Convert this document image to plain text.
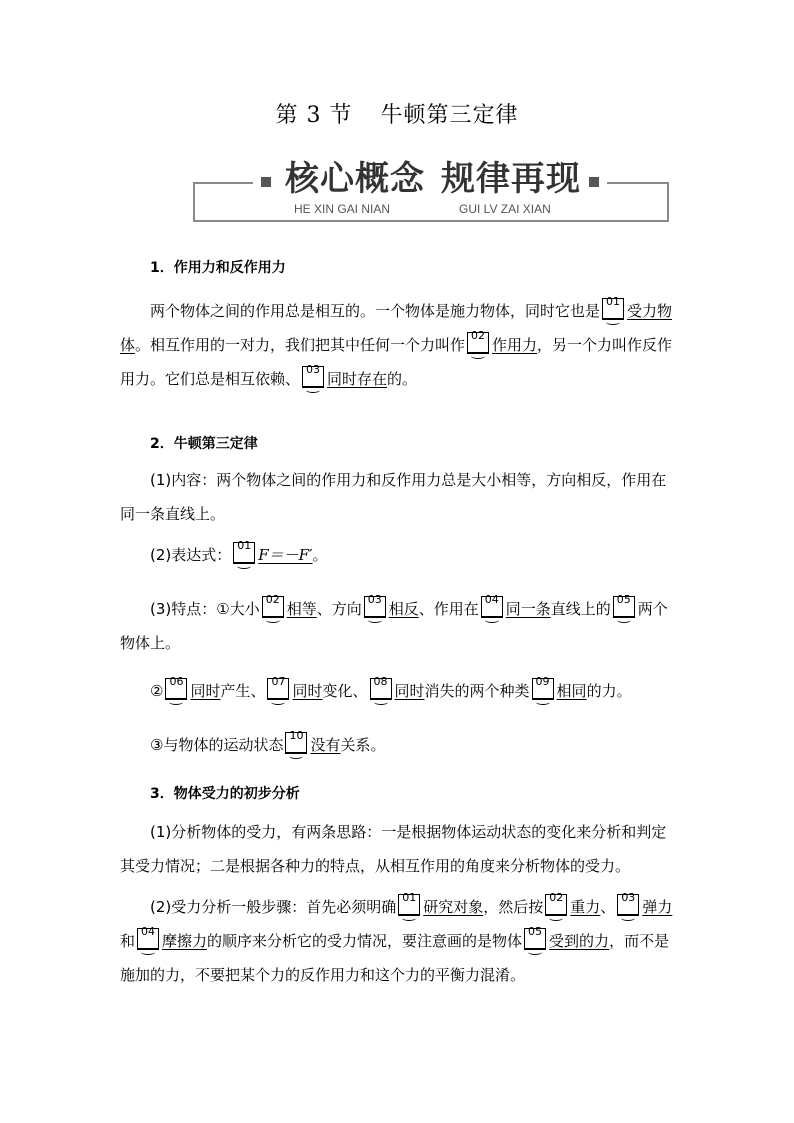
第 3 节 牛顿第三定律
核心概念 规律再现
HE XIN GAI NIAN	GUI LV ZAI XIAN
1．作用力和反作用力
两个物体之间的作用总是相互的。一个物体是施力物体，同时它也是
01
受力物体。相互作用的一对力，我们把其中任何一个力叫作
02
作用力，另一个力叫作反作用力。它们总是相互依赖、
03
同时存在的。
2．牛顿第三定律
(1)内容：两个物体之间的作用力和反作用力总是大小相等，方向相反，作用在同一条直线上。
(2)表达式：
01
F＝－F′。
(3)特点：①大小
02
相等、方向
03
相反、作用在
04
同一条直线上的
05
两个物体上。
②
06
同时产生、
07
同时变化、
08
同时消失的两个种类
09
相同的力。
③与物体的运动状态
10
没有关系。
3．物体受力的初步分析
(1)分析物体的受力，有两条思路：一是根据物体运动状态的变化来分析和判定其受力情况；二是根据各种力的特点，从相互作用的角度来分析物体的受力。
(2)受力分析一般步骤：首先必须明确
01
研究对象，然后按
02
重力、
03
弹力和
04
摩擦力的顺序来分析它的受力情况，要注意画的是物体
05
受到的力，而不是施加的力，不要把某个力的反作用力和这个力的平衡力混淆。
